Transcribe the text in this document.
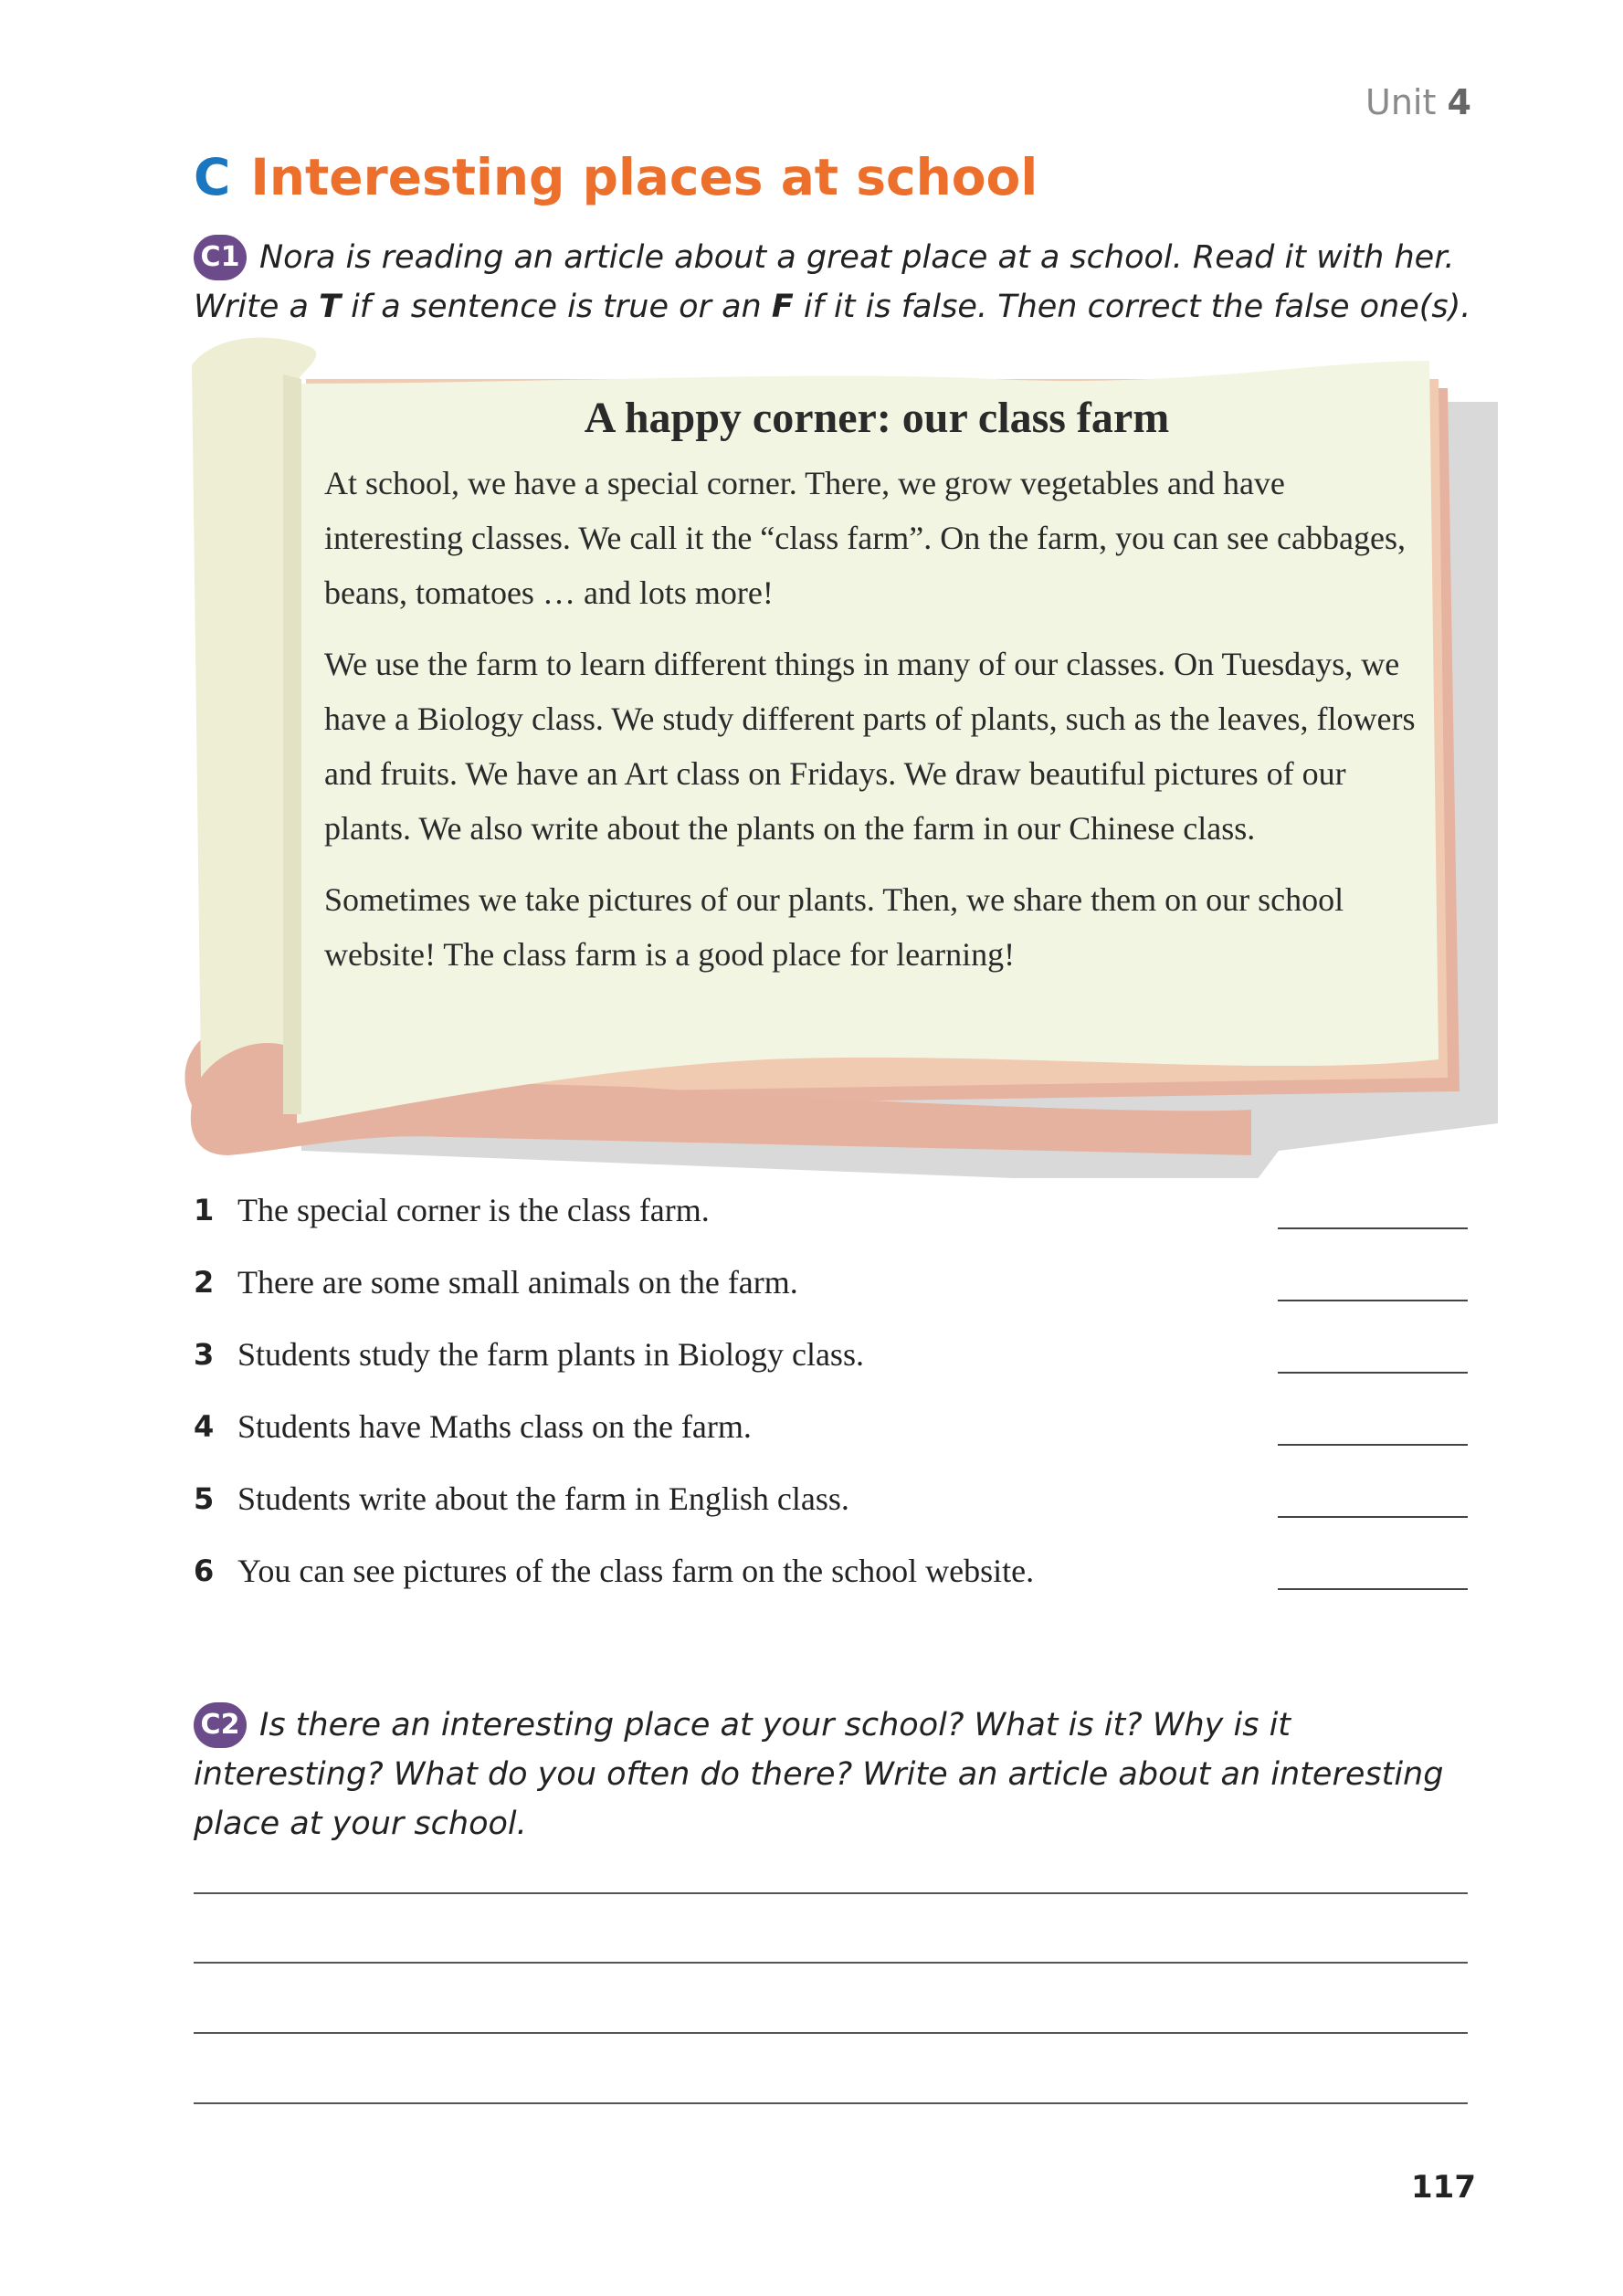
Unit 4
C Interesting places at school
C1 Nora is reading an article about a great place at a school. Read it with her. Write a T if a sentence is true or an F if it is false. Then correct the false one(s).
A happy corner: our class farm

At school, we have a special corner. There, we grow vegetables and have interesting classes. We call it the “class farm”. On the farm, you can see cabbages, beans, tomatoes … and lots more!

We use the farm to learn different things in many of our classes. On Tuesdays, we have a Biology class. We study different parts of plants, such as the leaves, flowers and fruits. We have an Art class on Fridays. We draw beautiful pictures of our plants. We also write about the plants on the farm in our Chinese class.

Sometimes we take pictures of our plants. Then, we share them on our school website! The class farm is a good place for learning!

1 The special corner is the class farm.
2 There are some small animals on the farm.
3 Students study the farm plants in Biology class.
4 Students have Maths class on the farm.
5 Students write about the farm in English class.
6 You can see pictures of the class farm on the school website.
C2 Is there an interesting place at your school? What is it? Why is it interesting? What do you often do there? Write an article about an interesting place at your school.
117
